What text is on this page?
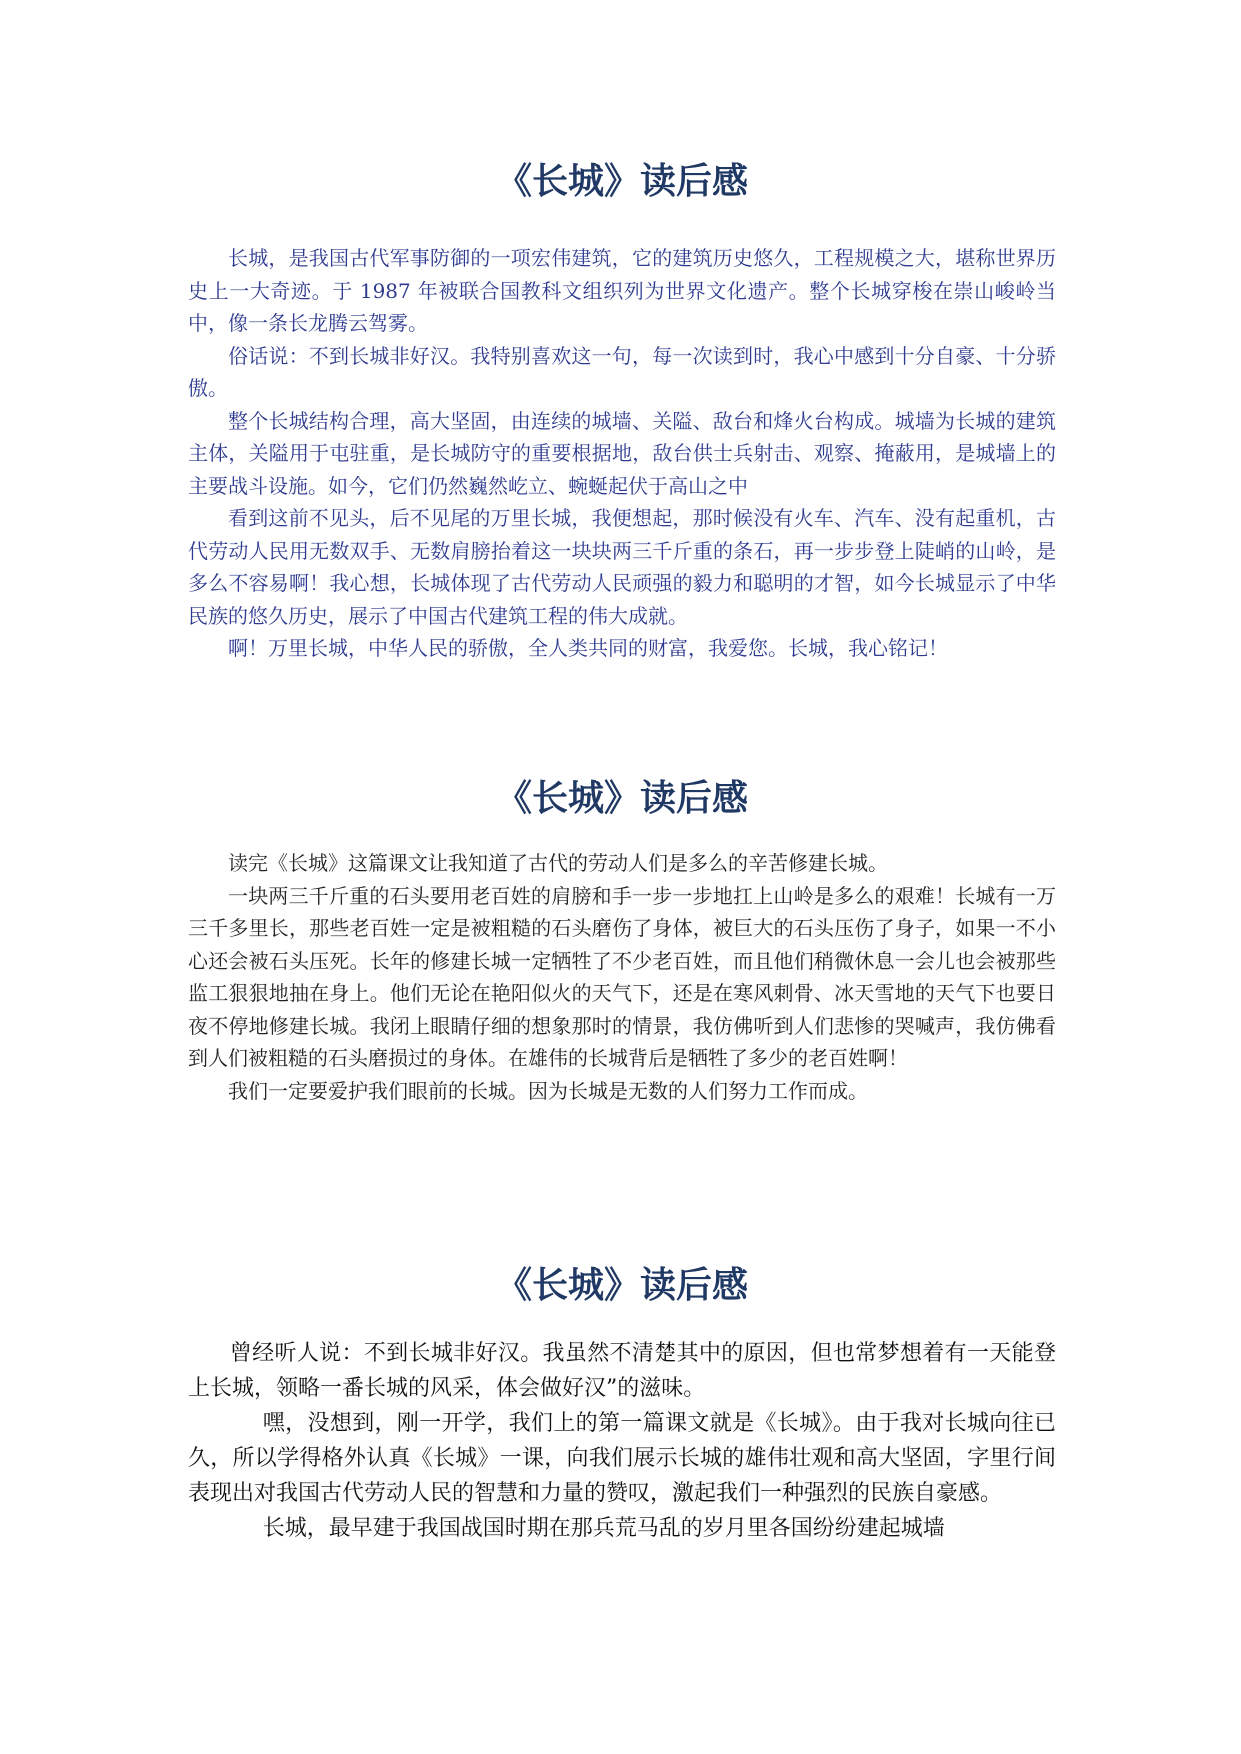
《长城》读后感

长城，是我国古代军事防御的一项宏伟建筑，它的建筑历史悠久，工程规模之大，堪称世界历史上一大奇迹。于 1987 年被联合国教科文组织列为世界文化遗产。整个长城穿梭在崇山峻岭当中，像一条长龙腾云驾雾。

俗话说：不到长城非好汉。我特别喜欢这一句，每一次读到时，我心中感到十分自豪、十分骄傲。

整个长城结构合理，高大坚固，由连续的城墙、关隘、敌台和烽火台构成。城墙为长城的建筑主体，关隘用于屯驻重，是长城防守的重要根据地，敌台供士兵射击、观察、掩蔽用，是城墙上的主要战斗设施。如今，它们仍然巍然屹立、蜿蜒起伏于高山之中

看到这前不见头，后不见尾的万里长城，我便想起，那时候没有火车、汽车、没有起重机，古代劳动人民用无数双手、无数肩膀抬着这一块块两三千斤重的条石，再一步步登上陡峭的山岭，是多么不容易啊！我心想，长城体现了古代劳动人民顽强的毅力和聪明的才智，如今长城显示了中华民族的悠久历史，展示了中国古代建筑工程的伟大成就。

啊！万里长城，中华人民的骄傲，全人类共同的财富，我爱您。长城，我心铭记！

《长城》读后感

读完《长城》这篇课文让我知道了古代的劳动人们是多么的辛苦修建长城。

一块两三千斤重的石头要用老百姓的肩膀和手一步一步地扛上山岭是多么的艰难！长城有一万三千多里长，那些老百姓一定是被粗糙的石头磨伤了身体，被巨大的石头压伤了身子，如果一不小心还会被石头压死。长年的修建长城一定牺牲了不少老百姓，而且他们稍微休息一会儿也会被那些监工狠狠地抽在身上。他们无论在艳阳似火的天气下，还是在寒风刺骨、冰天雪地的天气下也要日夜不停地修建长城。我闭上眼睛仔细的想象那时的情景，我仿佛听到人们悲惨的哭喊声，我仿佛看到人们被粗糙的石头磨损过的身体。在雄伟的长城背后是牺牲了多少的老百姓啊！

我们一定要爱护我们眼前的长城。因为长城是无数的人们努力工作而成。

《长城》读后感

曾经听人说：不到长城非好汉。我虽然不清楚其中的原因，但也常梦想着有一天能登上长城，领略一番长城的风采，体会做好汉”的滋味。

嘿，没想到，刚一开学，我们上的第一篇课文就是《长城》。由于我对长城向往已久，所以学得格外认真《长城》一课，向我们展示长城的雄伟壮观和高大坚固，字里行间表现出对我国古代劳动人民的智慧和力量的赞叹，激起我们一种强烈的民族自豪感。

长城，最早建于我国战国时期在那兵荒马乱的岁月里各国纷纷建起城墙
